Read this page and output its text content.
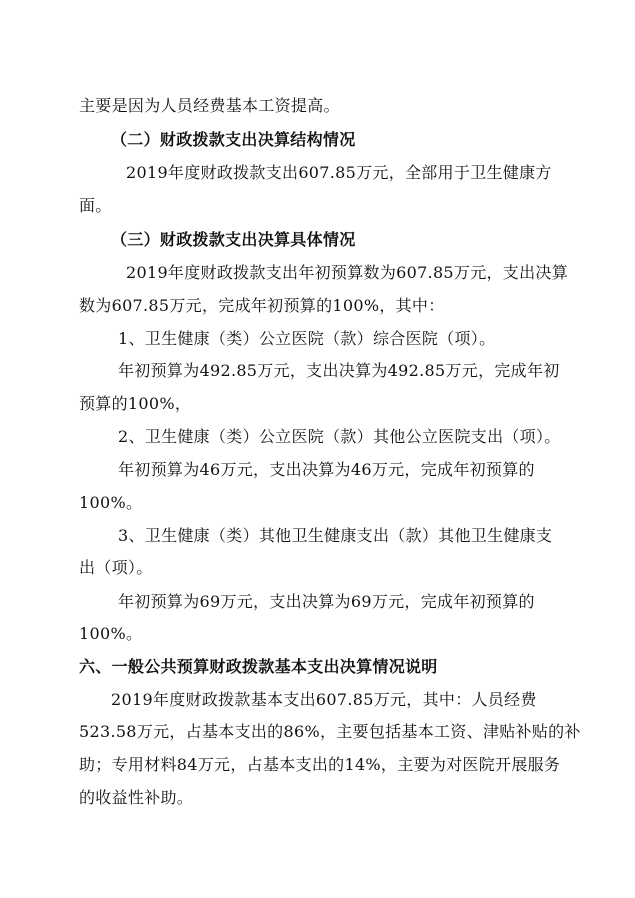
主要是因为人员经费基本工资提高。
（二）财政拨款支出决算结构情况
2019年度财政拨款支出607.85万元，全部用于卫生健康方
面。
（三）财政拨款支出决算具体情况
2019年度财政拨款支出年初预算数为607.85万元，支出决算
数为607.85万元，完成年初预算的100%，其中：
1、卫生健康（类）公立医院（款）综合医院（项）。
年初预算为492.85万元，支出决算为492.85万元，完成年初
预算的100%，
2、卫生健康（类）公立医院（款）其他公立医院支出（项）。
年初预算为46万元，支出决算为46万元，完成年初预算的
100%。
3、卫生健康（类）其他卫生健康支出（款）其他卫生健康支
出（项）。
年初预算为69万元，支出决算为69万元，完成年初预算的
100%。
六、一般公共预算财政拨款基本支出决算情况说明
2019年度财政拨款基本支出607.85万元，其中：人员经费
523.58万元，占基本支出的86%，主要包括基本工资、津贴补贴的补
助；专用材料84万元，占基本支出的14%，主要为对医院开展服务
的收益性补助。
